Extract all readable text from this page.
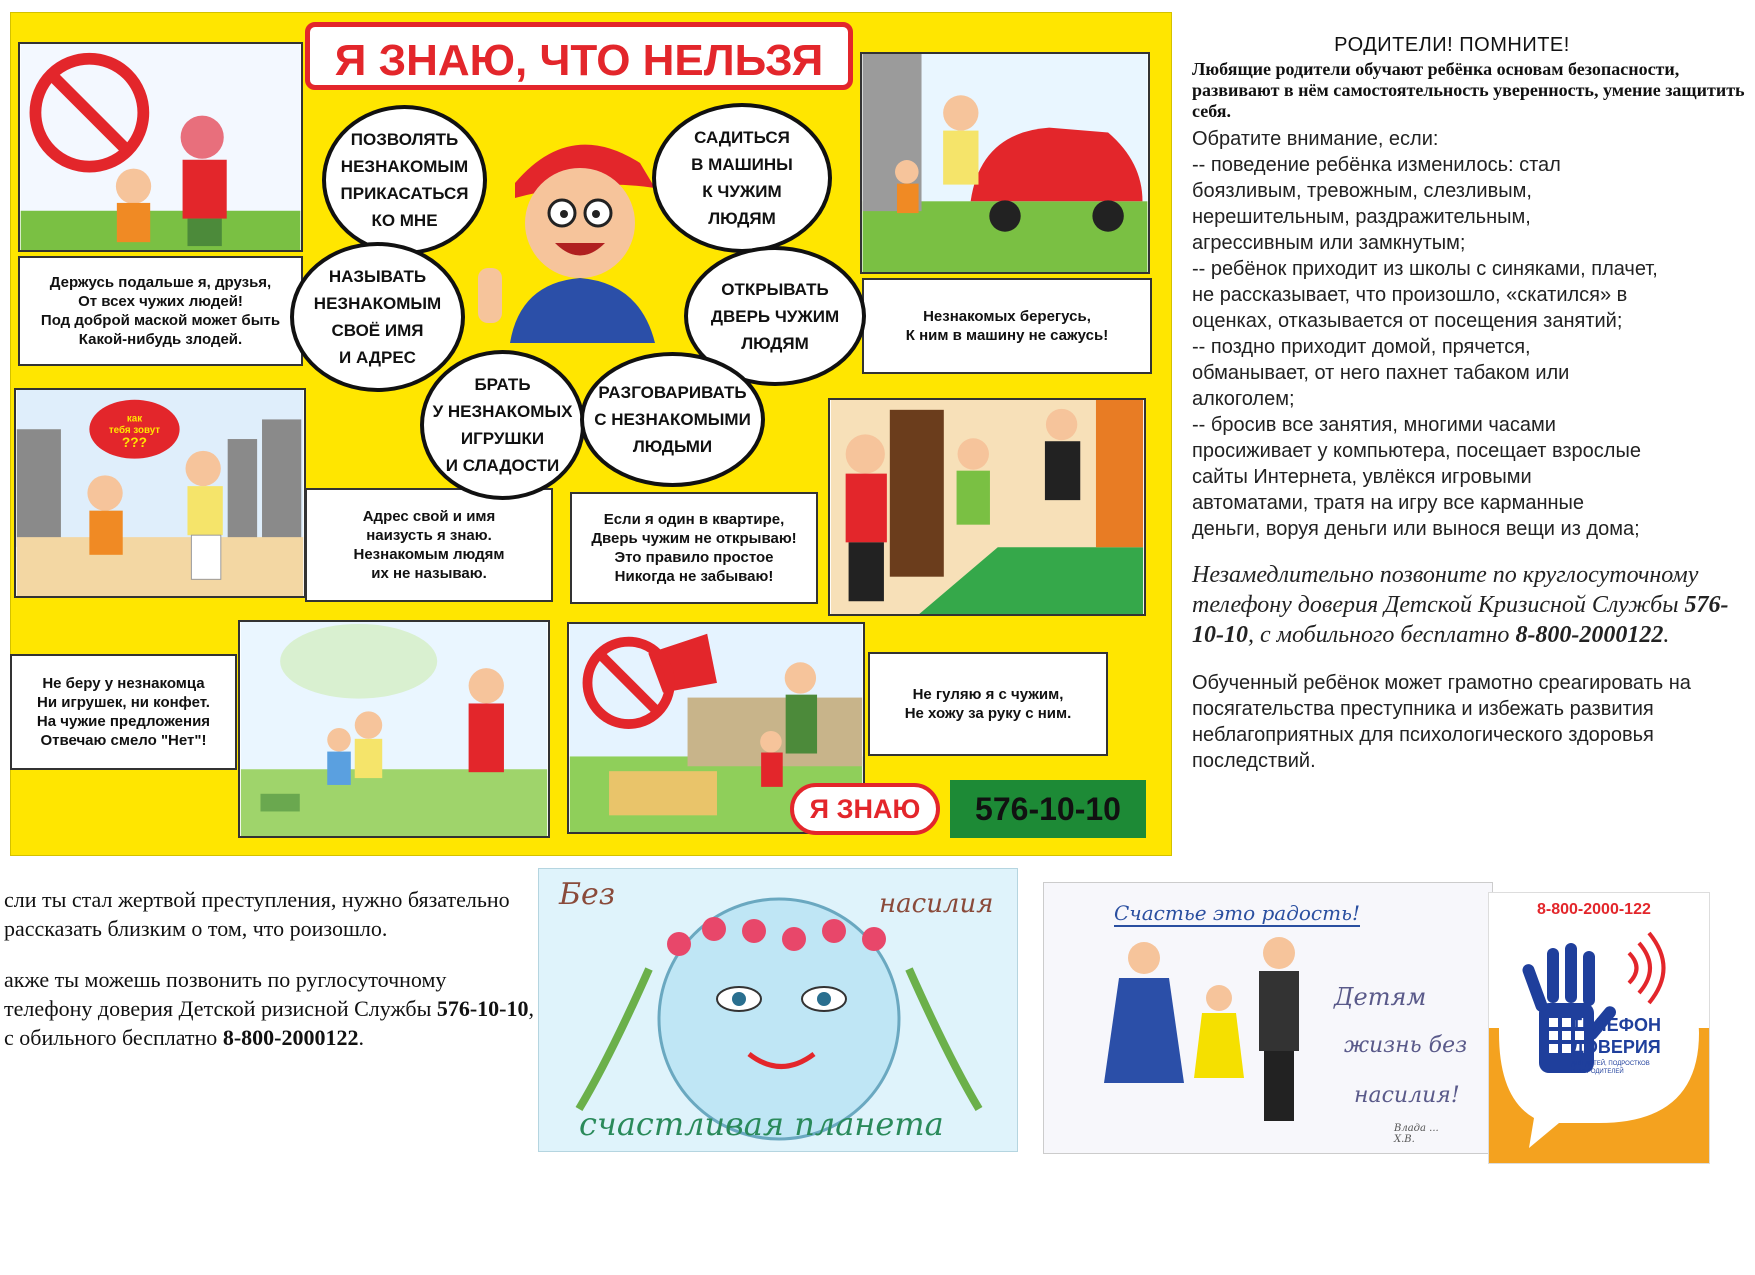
Я ЗНАЮ, ЧТО НЕЛЬЗЯ
Держусь подальше я, друзья,
От всех чужих людей!
Под доброй маской может быть
Какой-нибудь злодей.
Незнакомых берегусь,
К ним в машину не сажусь!
как
тебя зовут
???
Адрес свой и имя
наизусть я знаю.
Незнакомым людям
их не называю.
Если я один в квартире,
Дверь чужим не открываю!
Это правило простое
Никогда не забываю!
Не беру у незнакомца
Ни игрушек, ни конфет.
На чужие предложения
Отвечаю смело "Нет"!
Не гуляю я с чужим,
Не хожу за руку с ним.
ПОЗВОЛЯТЬ
НЕЗНАКОМЫМ
ПРИКАСАТЬСЯ
КО МНЕ
САДИТЬСЯ
В МАШИНЫ
К ЧУЖИМ
ЛЮДЯМ
НАЗЫВАТЬ
НЕЗНАКОМЫМ
СВОЁ ИМЯ
И АДРЕС
ОТКРЫВАТЬ
ДВЕРЬ ЧУЖИМ
ЛЮДЯМ
БРАТЬ
У НЕЗНАКОМЫХ
ИГРУШКИ
И СЛАДОСТИ
РАЗГОВАРИВАТЬ
С НЕЗНАКОМЫМИ
ЛЮДЬМИ
Я ЗНАЮ	576-10-10
РОДИТЕЛИ! ПОМНИТЕ!
Любящие родители обучают ребёнка основам безопасности, развивают в нём самостоятельность уверенность, умение защитить себя.
Обратите внимание, если:
-- поведение ребёнка изменилось: стал
боязливым, тревожным, слезливым,
нерешительным, раздражительным,
агрессивным или замкнутым;
-- ребёнок приходит из школы с синяками, плачет,
не рассказывает, что произошло, «скатился» в
оценках, отказывается от посещения занятий;
-- поздно приходит домой, прячется,
обманывает, от него пахнет табаком или
алкоголем;
-- бросив все занятия, многими часами
просиживает у компьютера, посещает взрослые
сайты Интернета, увлёкся игровыми
автоматами, тратя на игру все карманные
деньги, воруя деньги или вынося вещи из дома;
Незамедлительно позвоните по круглосуточному телефону доверия Детской Кризисной Службы 576-10-10, с мобильного бесплатно 8-800-2000122.
Обученный ребёнок может грамотно среагировать на посягательства преступника и избежать развития неблагоприятных для психологического здоровья последствий.
сли ты стал жертвой преступления, нужно бязательно рассказать близким о том, что роизошло.
акже ты можешь позвонить по руглосуточному телефону доверия Детской ризисной Службы 576-10-10, с обильного бесплатно 8-800-2000122.
Без	насилия
счастливая планета
Счастье это радость!
Детям
жизнь без
насилия!
Влада ...
Х.В.
8-800-2000-122
ТЕЛЕФОН
ДОВЕРИЯ
ДЛЯ ДЕТЕЙ, ПОДРОСТКОВ
И ИХ РОДИТЕЛЕЙ
